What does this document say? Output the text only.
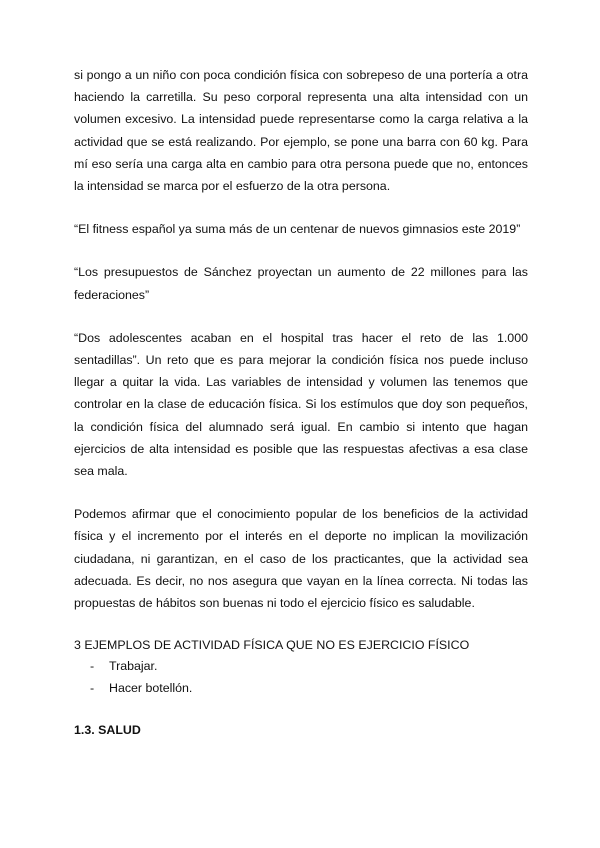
si pongo a un niño con poca condición física con sobrepeso de una portería a otra haciendo la carretilla. Su peso corporal representa una alta intensidad con un volumen excesivo. La intensidad puede representarse como la carga relativa a la actividad que se está realizando. Por ejemplo, se pone una barra con 60 kg. Para mí eso sería una carga alta en cambio para otra persona puede que no, entonces la intensidad se marca por el esfuerzo de la otra persona.

“El fitness español ya suma más de un centenar de nuevos gimnasios este 2019”

“Los presupuestos de Sánchez proyectan un aumento de 22 millones para las federaciones”

“Dos adolescentes acaban en el hospital tras hacer el reto de las 1.000 sentadillas”. Un reto que es para mejorar la condición física nos puede incluso llegar a quitar la vida. Las variables de intensidad y volumen las tenemos que controlar en la clase de educación física. Si los estímulos que doy son pequeños, la condición física del alumnado será igual. En cambio si intento que hagan ejercicios de alta intensidad es posible que las respuestas afectivas a esa clase sea mala.

Podemos afirmar que el conocimiento popular de los beneficios de la actividad física y el incremento por el interés en el deporte no implican la movilización ciudadana, ni garantizan, en el caso de los practicantes, que la actividad sea adecuada. Es decir, no nos asegura que vayan en la línea correcta. Ni todas las propuestas de hábitos son buenas ni todo el ejercicio físico es saludable.

3 EJEMPLOS DE ACTIVIDAD FÍSICA QUE NO ES EJERCICIO FÍSICO

- Trabajar.
- Hacer botellón.

1.3. SALUD
